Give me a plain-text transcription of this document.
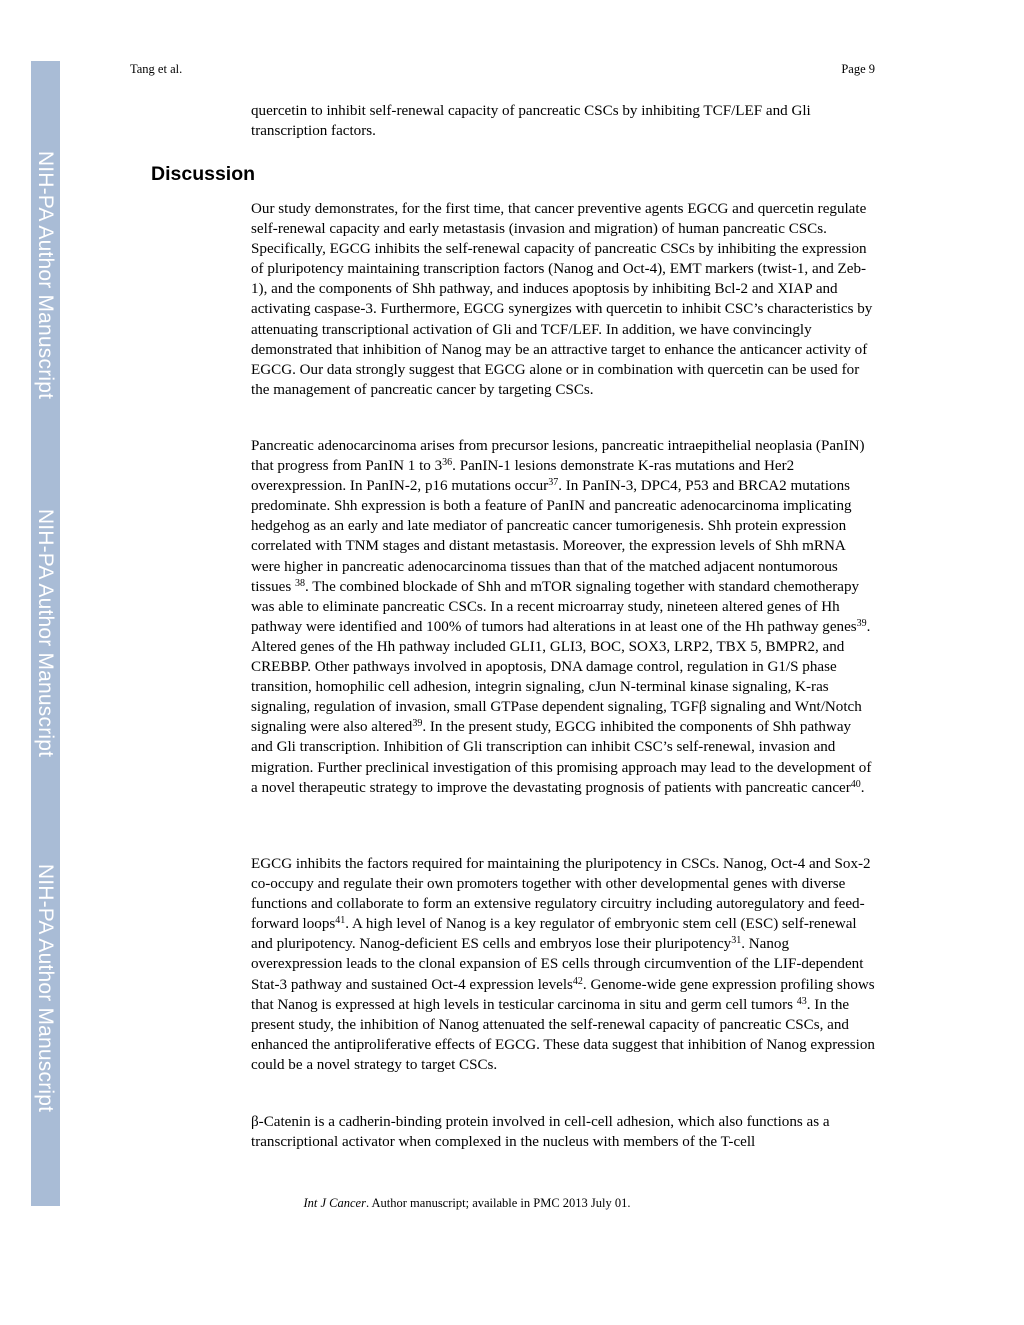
NIH-PA Author Manuscript
NIH-PA Author Manuscript
NIH-PA Author Manuscript
Tang et al.	Page 9

quercetin to inhibit self-renewal capacity of pancreatic CSCs by inhibiting TCF/LEF and Gli transcription factors.

Discussion

Our study demonstrates, for the first time, that cancer preventive agents EGCG and quercetin regulate self-renewal capacity and early metastasis (invasion and migration) of human pancreatic CSCs. Specifically, EGCG inhibits the self-renewal capacity of pancreatic CSCs by inhibiting the expression of pluripotency maintaining transcription factors (Nanog and Oct-4), EMT markers (twist-1, and Zeb-1), and the components of Shh pathway, and induces apoptosis by inhibiting Bcl-2 and XIAP and activating caspase-3. Furthermore, EGCG synergizes with quercetin to inhibit CSC’s characteristics by attenuating transcriptional activation of Gli and TCF/LEF. In addition, we have convincingly demonstrated that inhibition of Nanog may be an attractive target to enhance the anticancer activity of EGCG. Our data strongly suggest that EGCG alone or in combination with quercetin can be used for the management of pancreatic cancer by targeting CSCs.

Pancreatic adenocarcinoma arises from precursor lesions, pancreatic intraepithelial neoplasia (PanIN) that progress from PanIN 1 to $3^{36}$. PanIN-1 lesions demonstrate K-ras mutations and Her2 overexpression. In PanIN-2, p16 mutations occur$^{37}$. In PanIN-3, DPC4, P53 and BRCA2 mutations predominate. Shh expression is both a feature of PanIN and pancreatic adenocarcinoma implicating hedgehog as an early and late mediator of pancreatic cancer tumorigenesis. Shh protein expression correlated with TNM stages and distant metastasis. Moreover, the expression levels of Shh mRNA were higher in pancreatic adenocarcinoma tissues than that of the matched adjacent nontumorous tissues $^{38}$. The combined blockade of Shh and mTOR signaling together with standard chemotherapy was able to eliminate pancreatic CSCs. In a recent microarray study, nineteen altered genes of Hh pathway were identified and 100% of tumors had alterations in at least one of the Hh pathway genes$^{39}$. Altered genes of the Hh pathway included GLI1, GLI3, BOC, SOX3, LRP2, TBX 5, BMPR2, and CREBBP. Other pathways involved in apoptosis, DNA damage control, regulation in G1/S phase transition, homophilic cell adhesion, integrin signaling, cJun N-terminal kinase signaling, K-ras signaling, regulation of invasion, small GTPase dependent signaling, TGFβ signaling and Wnt/Notch signaling were also altered$^{39}$. In the present study, EGCG inhibited the components of Shh pathway and Gli transcription. Inhibition of Gli transcription can inhibit CSC’s self-renewal, invasion and migration. Further preclinical investigation of this promising approach may lead to the development of a novel therapeutic strategy to improve the devastating prognosis of patients with pancreatic cancer$^{40}$.

EGCG inhibits the factors required for maintaining the pluripotency in CSCs. Nanog, Oct-4 and Sox-2 co-occupy and regulate their own promoters together with other developmental genes with diverse functions and collaborate to form an extensive regulatory circuitry including autoregulatory and feed-forward loops$^{41}$. A high level of Nanog is a key regulator of embryonic stem cell (ESC) self-renewal and pluripotency. Nanog-deficient ES cells and embryos lose their pluripotency$^{31}$. Nanog overexpression leads to the clonal expansion of ES cells through circumvention of the LIF-dependent Stat-3 pathway and sustained Oct-4 expression levels$^{42}$. Genome-wide gene expression profiling shows that Nanog is expressed at high levels in testicular carcinoma in situ and germ cell tumors $^{43}$. In the present study, the inhibition of Nanog attenuated the self-renewal capacity of pancreatic CSCs, and enhanced the antiproliferative effects of EGCG. These data suggest that inhibition of Nanog expression could be a novel strategy to target CSCs.

β-Catenin is a cadherin-binding protein involved in cell-cell adhesion, which also functions as a transcriptional activator when complexed in the nucleus with members of the T-cell

Int J Cancer. Author manuscript; available in PMC 2013 July 01.
